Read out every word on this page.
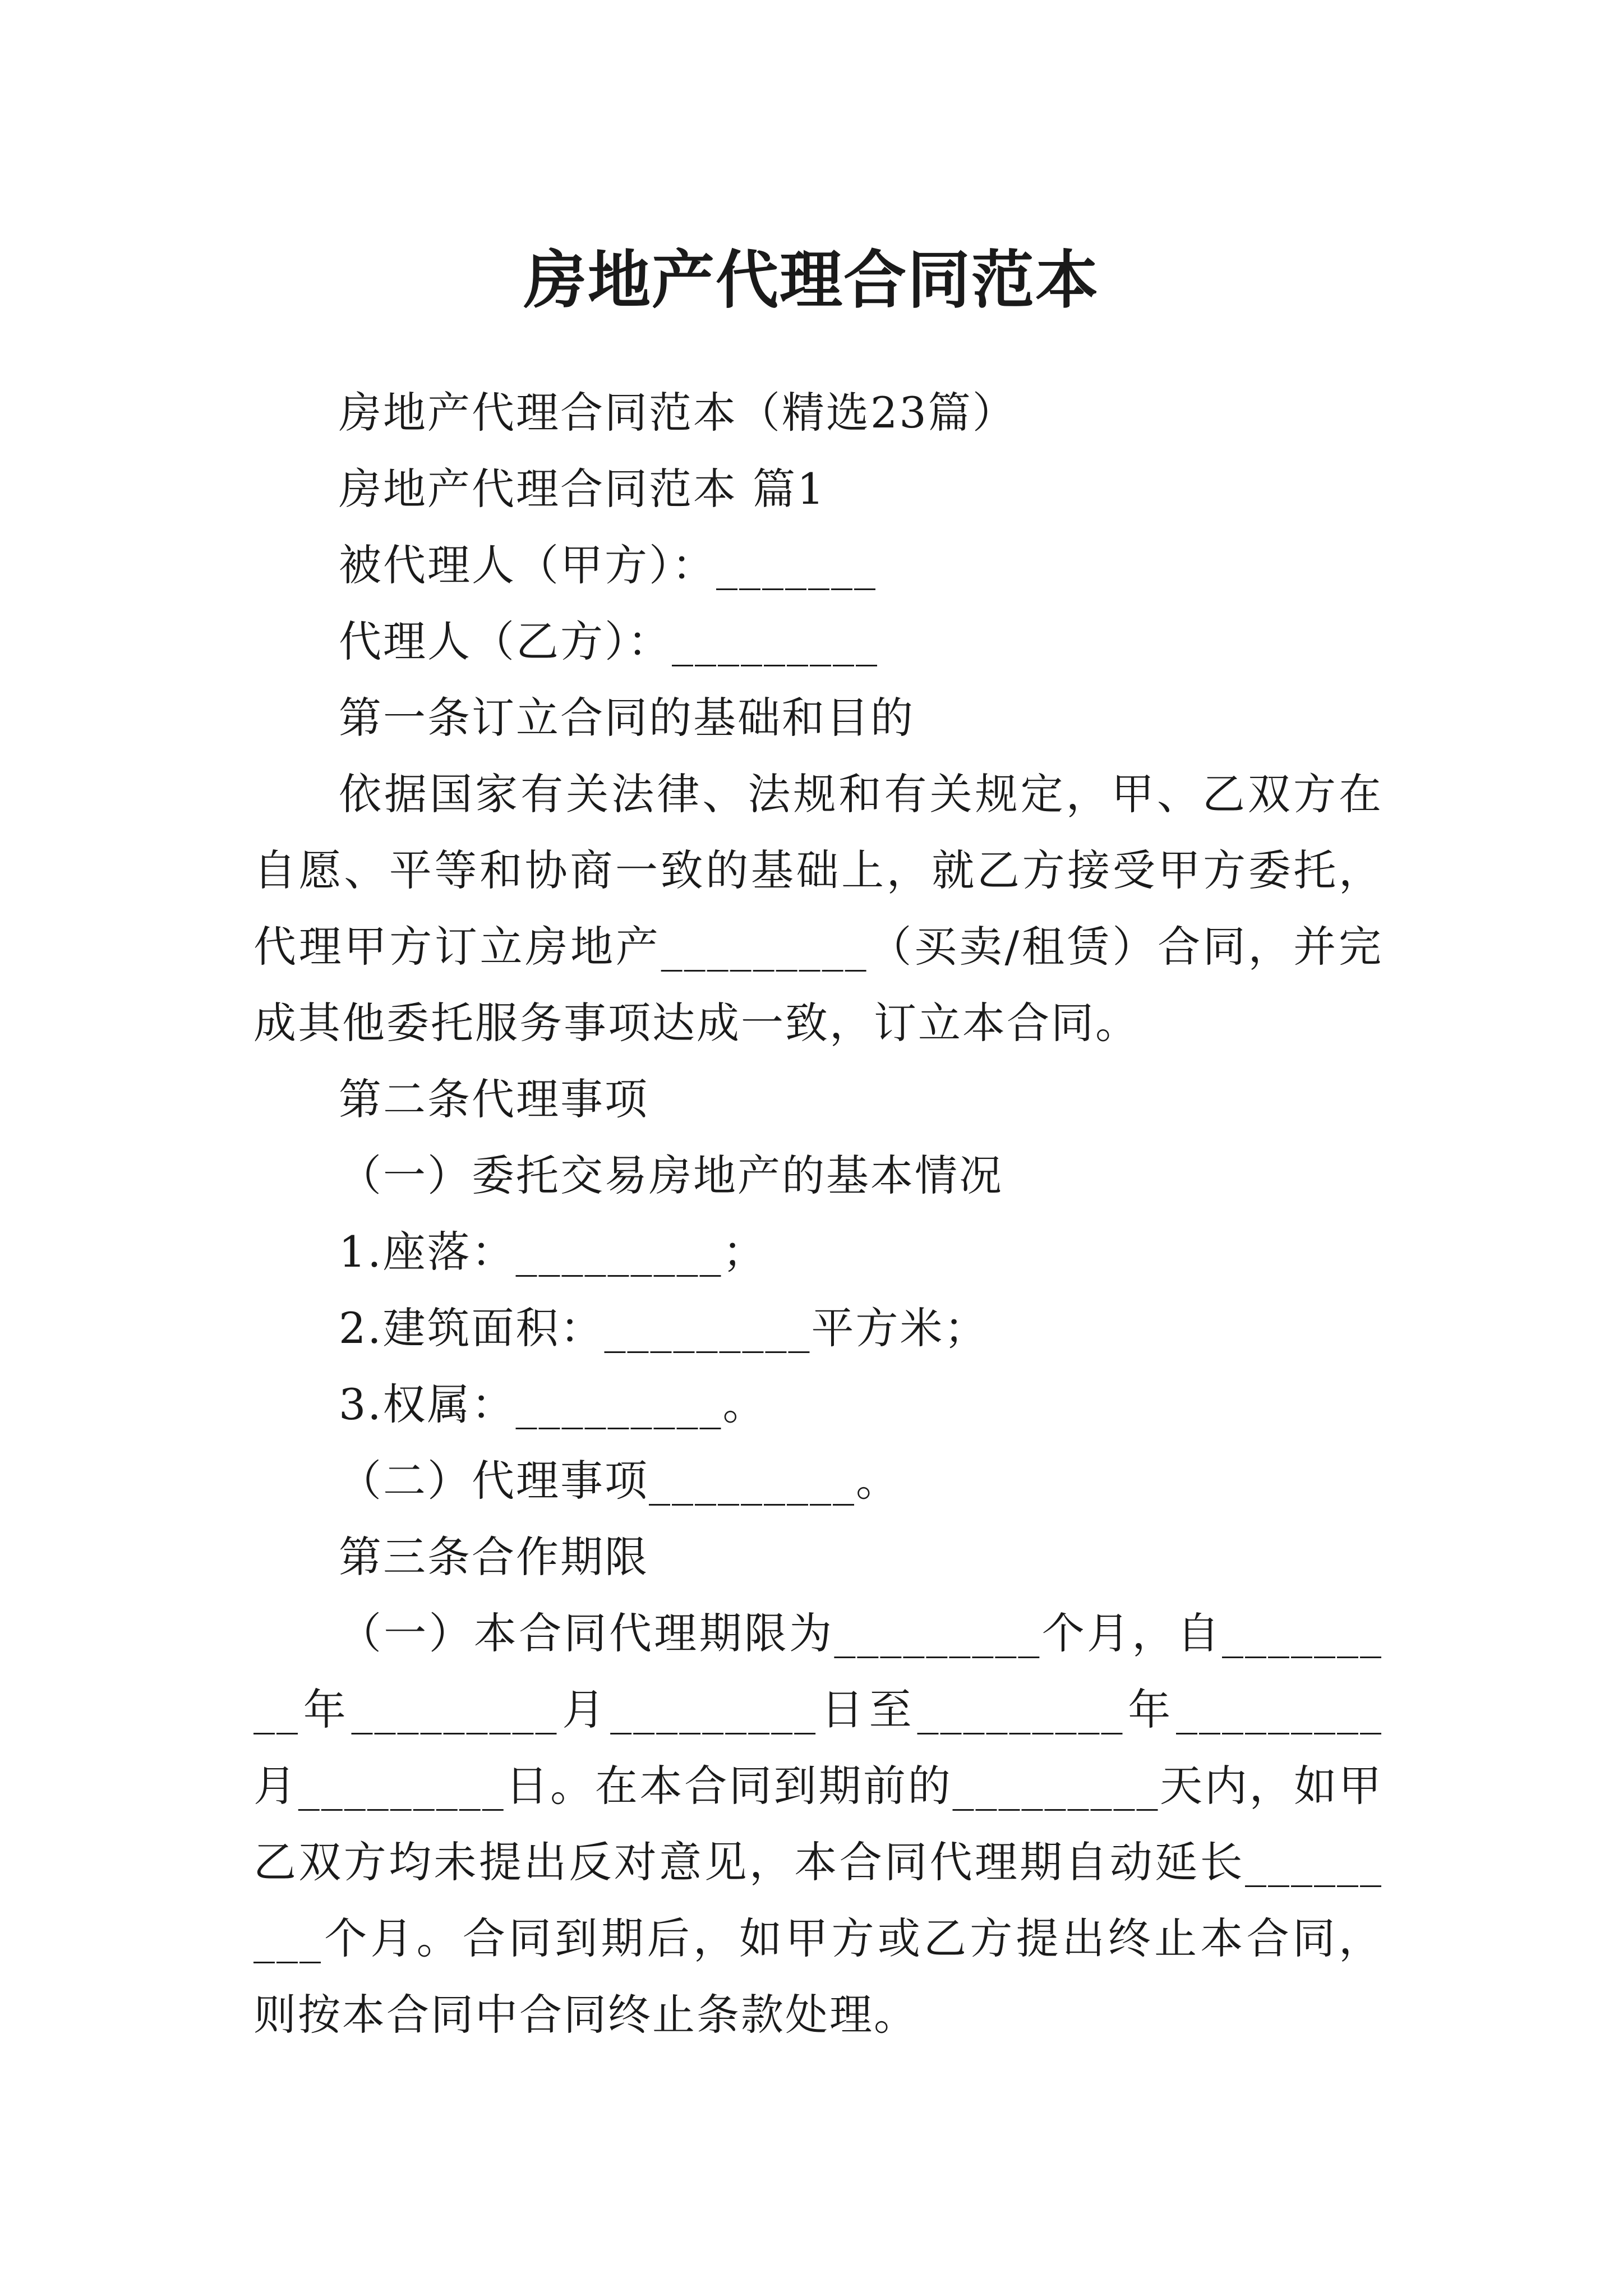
房地产代理合同范本

房地产代理合同范本（精选23篇）

房地产代理合同范本 篇1

被代理人（甲方）：_______

代理人（乙方）：_________

第一条订立合同的基础和目的

依据国家有关法律、法规和有关规定，甲、乙双方在自愿、平等和协商一致的基础上，就乙方接受甲方委托，代理甲方订立房地产_________（买卖/租赁）合同，并完成其他委托服务事项达成一致，订立本合同。

第二条代理事项

（一）委托交易房地产的基本情况

1.座落：_________；

2.建筑面积：_________平方米；

3.权属：_________。

（二）代理事项_________。

第三条合作期限

（一）本合同代理期限为_________个月，自_________年_________月_________日至_________年_________月_________日。在本合同到期前的_________天内，如甲乙双方均未提出反对意见，本合同代理期自动延长_________个月。合同到期后，如甲方或乙方提出终止本合同，则按本合同中合同终止条款处理。
